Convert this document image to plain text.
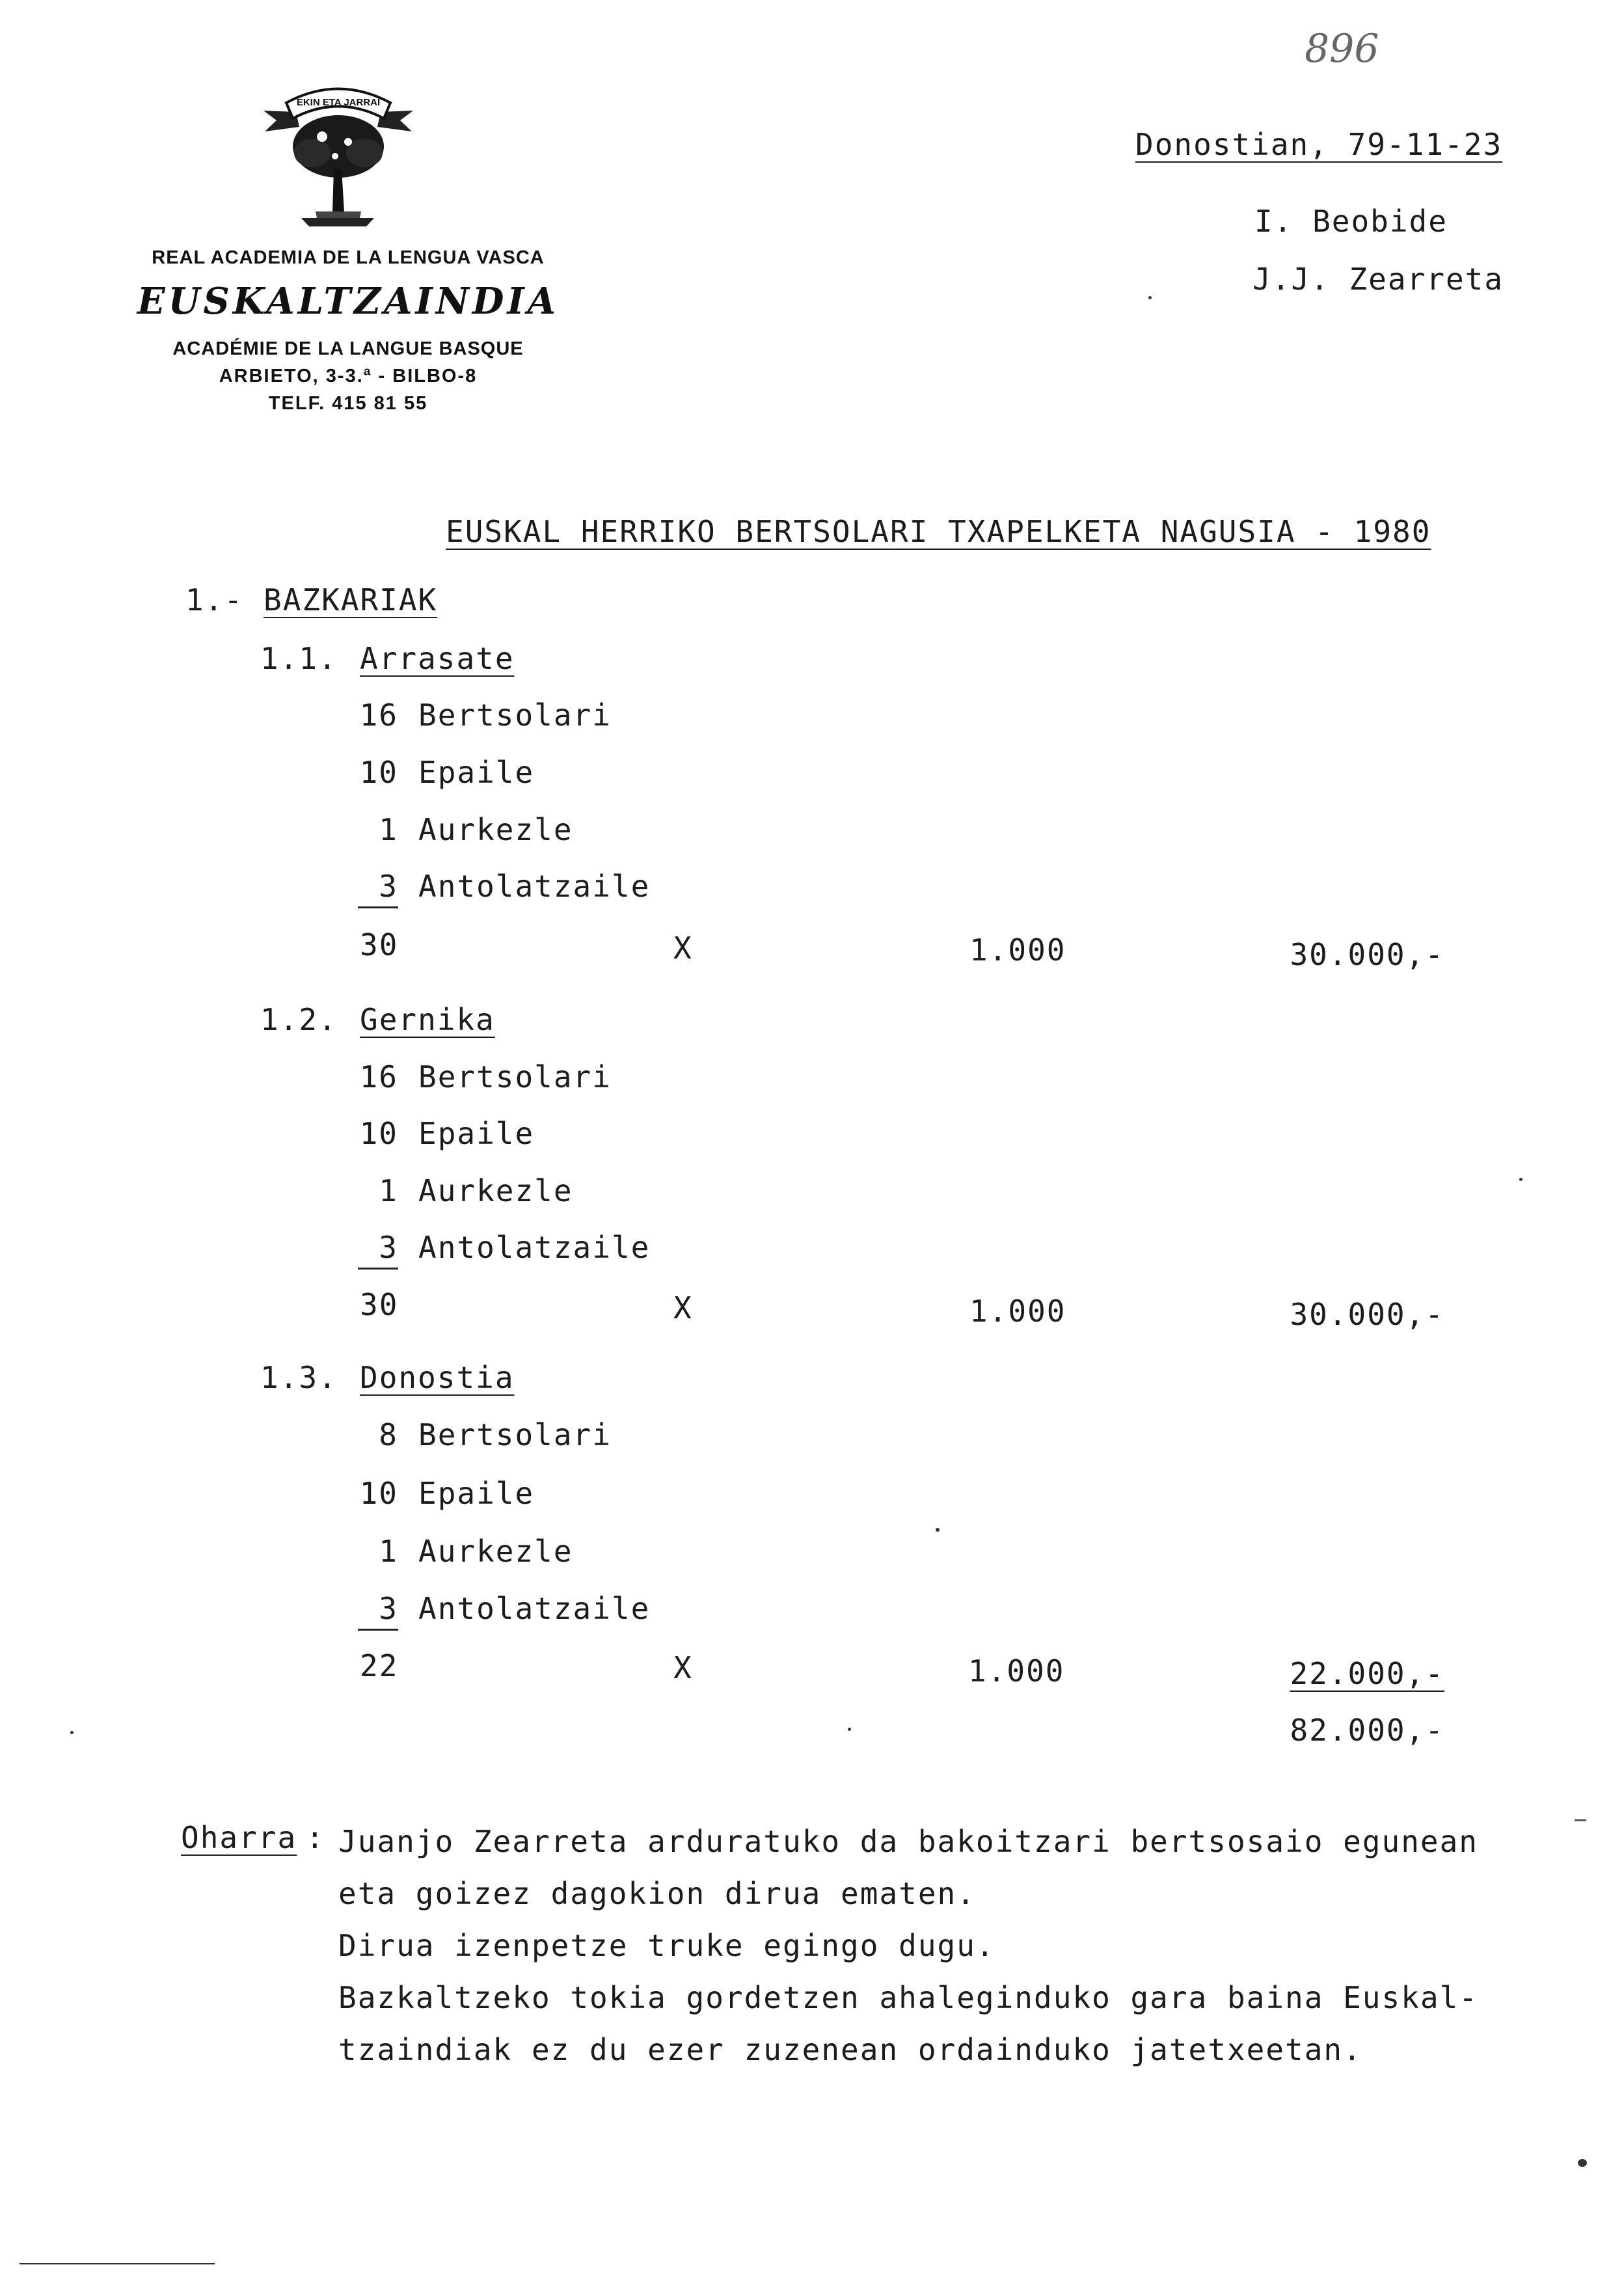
896
EKIN ETA JARRAI
REAL ACADEMIA DE LA LENGUA VASCA
EUSKALTZAINDIA
ACADÉMIE DE LA LANGUE BASQUE
ARBIETO, 3-3.ª - BILBO-8
TELF. 415 81 55
Donostian, 79-11-23
I. Beobide
J.J. Zearreta
EUSKAL HERRIKO BERTSOLARI TXAPELKETA NAGUSIA - 1980
1.- BAZKARIAK
1.1. Arrasate
16 Bertsolari
10 Epaile
1 Aurkezle
3 Antolatzaile
30	X	1.000	30.000,-
1.2. Gernika
16 Bertsolari
10 Epaile
1 Aurkezle
3 Antolatzaile
30	X	1.000	30.000,-
1.3. Donostia
8 Bertsolari
10 Epaile
1 Aurkezle
3 Antolatzaile
22	X	1.000	22.000,-
82.000,-
Oharra : Juanjo Zearreta arduratuko da bakoitzari bertsosaio egunean
eta goizez dagokion dirua ematen.
Dirua izenpetze truke egingo dugu.
Bazkaltzeko tokia gordetzen ahaleginduko gara baina Euskal-
tzaindiak ez du ezer zuzenean ordainduko jatetxeetan.
